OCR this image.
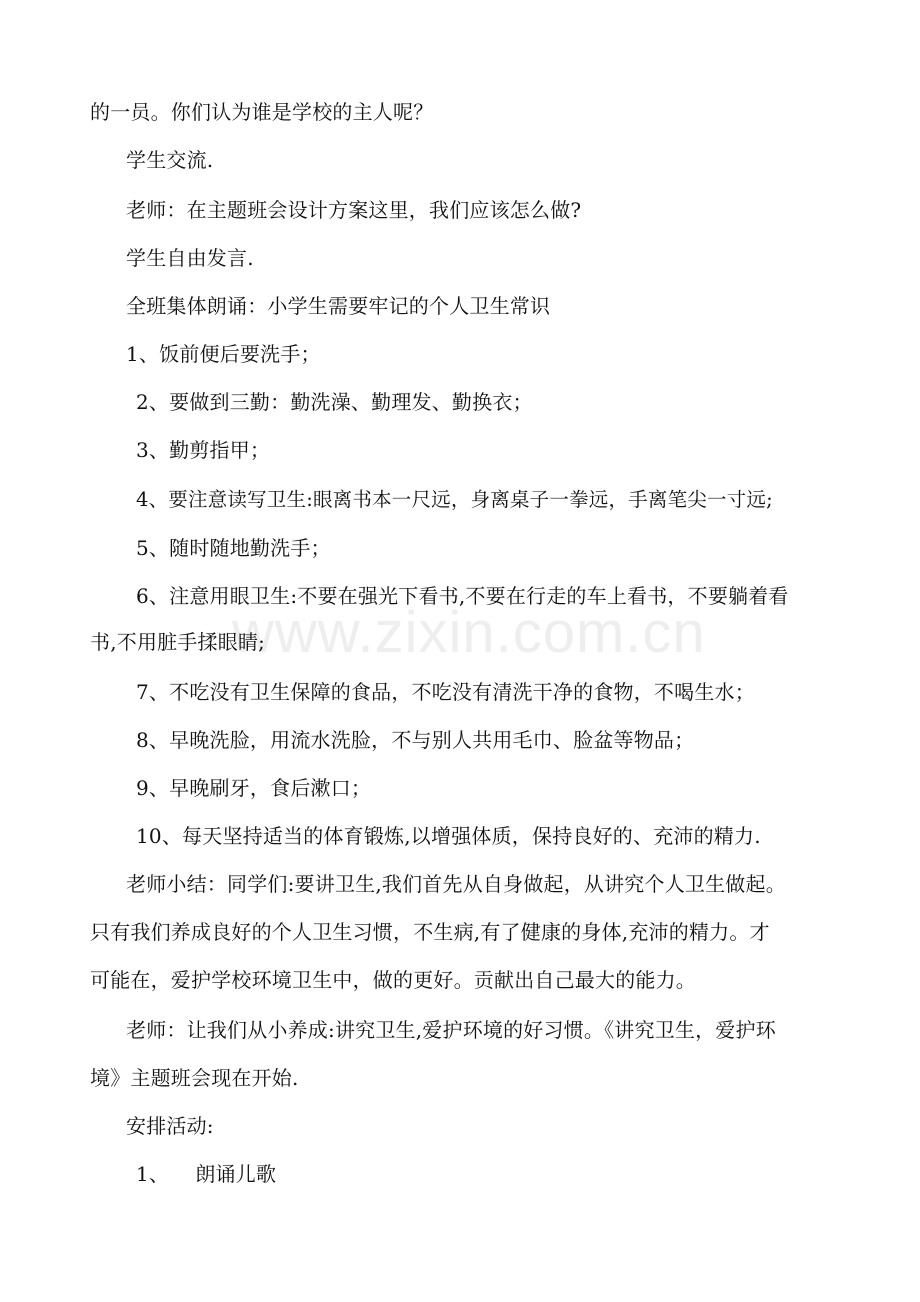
www.zixin.com.cn
的一员。你们认为谁是学校的主人呢？
学生交流.
老师：在主题班会设计方案这里，我们应该怎么做?
学生自由发言.
全班集体朗诵：小学生需要牢记的个人卫生常识
1、饭前便后要洗手；
2、要做到三勤：勤洗澡、勤理发、勤换衣；
3、勤剪指甲；
4、要注意读写卫生:眼离书本一尺远，身离桌子一拳远，手离笔尖一寸远;
5、随时随地勤洗手；
6、注意用眼卫生:不要在强光下看书,不要在行走的车上看书，不要躺着看
书,不用脏手揉眼睛;
7、不吃没有卫生保障的食品，不吃没有清洗干净的食物，不喝生水；
8、早晚洗脸，用流水洗脸，不与别人共用毛巾、脸盆等物品；
9、早晚刷牙，食后漱口；
10、每天坚持适当的体育锻炼,以增强体质，保持良好的、充沛的精力.
老师小结：同学们:要讲卫生,我们首先从自身做起，从讲究个人卫生做起。
只有我们养成良好的个人卫生习惯，不生病,有了健康的身体,充沛的精力。才
可能在，爱护学校环境卫生中，做的更好。贡献出自己最大的能力。
老师：让我们从小养成:讲究卫生,爱护环境的好习惯。《讲究卫生，爱护环
境》主题班会现在开始.
安排活动:
1、    朗诵儿歌
